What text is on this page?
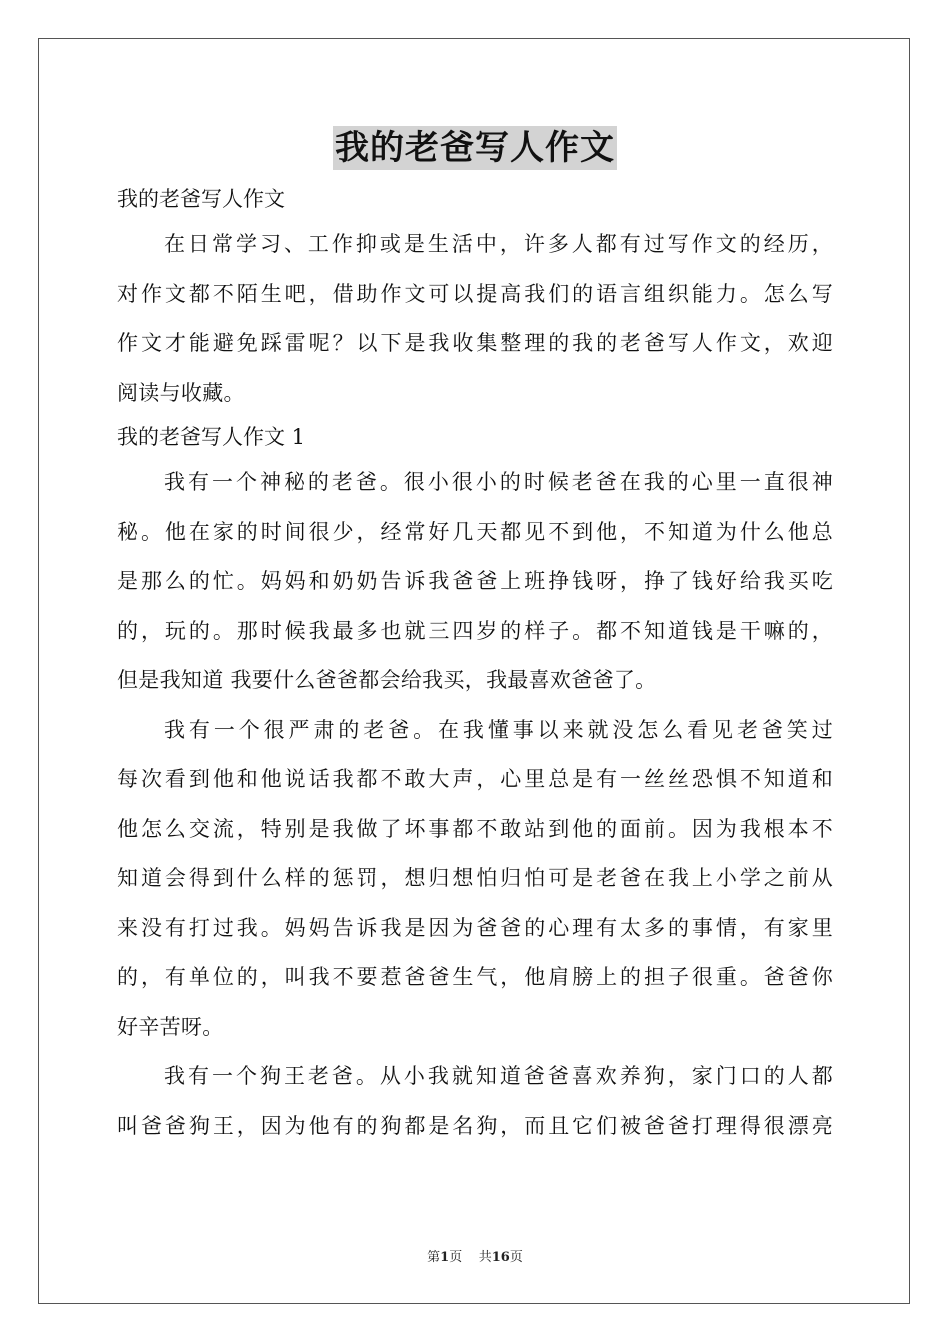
我的老爸写人作文
我的老爸写人作文
在日常学习、工作抑或是生活中，许多人都有过写作文的经历，
对作文都不陌生吧，借助作文可以提高我们的语言组织能力。怎么写
作文才能避免踩雷呢？以下是我收集整理的我的老爸写人作文，欢迎
阅读与收藏。
我的老爸写人作文 1
我有一个神秘的老爸。很小很小的时候老爸在我的心里一直很神
秘。他在家的时间很少，经常好几天都见不到他，不知道为什么他总
是那么的忙。妈妈和奶奶告诉我爸爸上班挣钱呀，挣了钱好给我买吃
的，玩的。那时候我最多也就三四岁的样子。都不知道钱是干嘛的，
但是我知道 我要什么爸爸都会给我买，我最喜欢爸爸了。
我有一个很严肃的老爸。在我懂事以来就没怎么看见老爸笑过
每次看到他和他说话我都不敢大声，心里总是有一丝丝恐惧不知道和
他怎么交流，特别是我做了坏事都不敢站到他的面前。因为我根本不
知道会得到什么样的惩罚，想归想怕归怕可是老爸在我上小学之前从
来没有打过我。妈妈告诉我是因为爸爸的心理有太多的事情，有家里
的，有单位的，叫我不要惹爸爸生气，他肩膀上的担子很重。爸爸你
好辛苦呀。
我有一个狗王老爸。从小我就知道爸爸喜欢养狗，家门口的人都
叫爸爸狗王，因为他有的狗都是名狗，而且它们被爸爸打理得很漂亮
第1页 共16页
